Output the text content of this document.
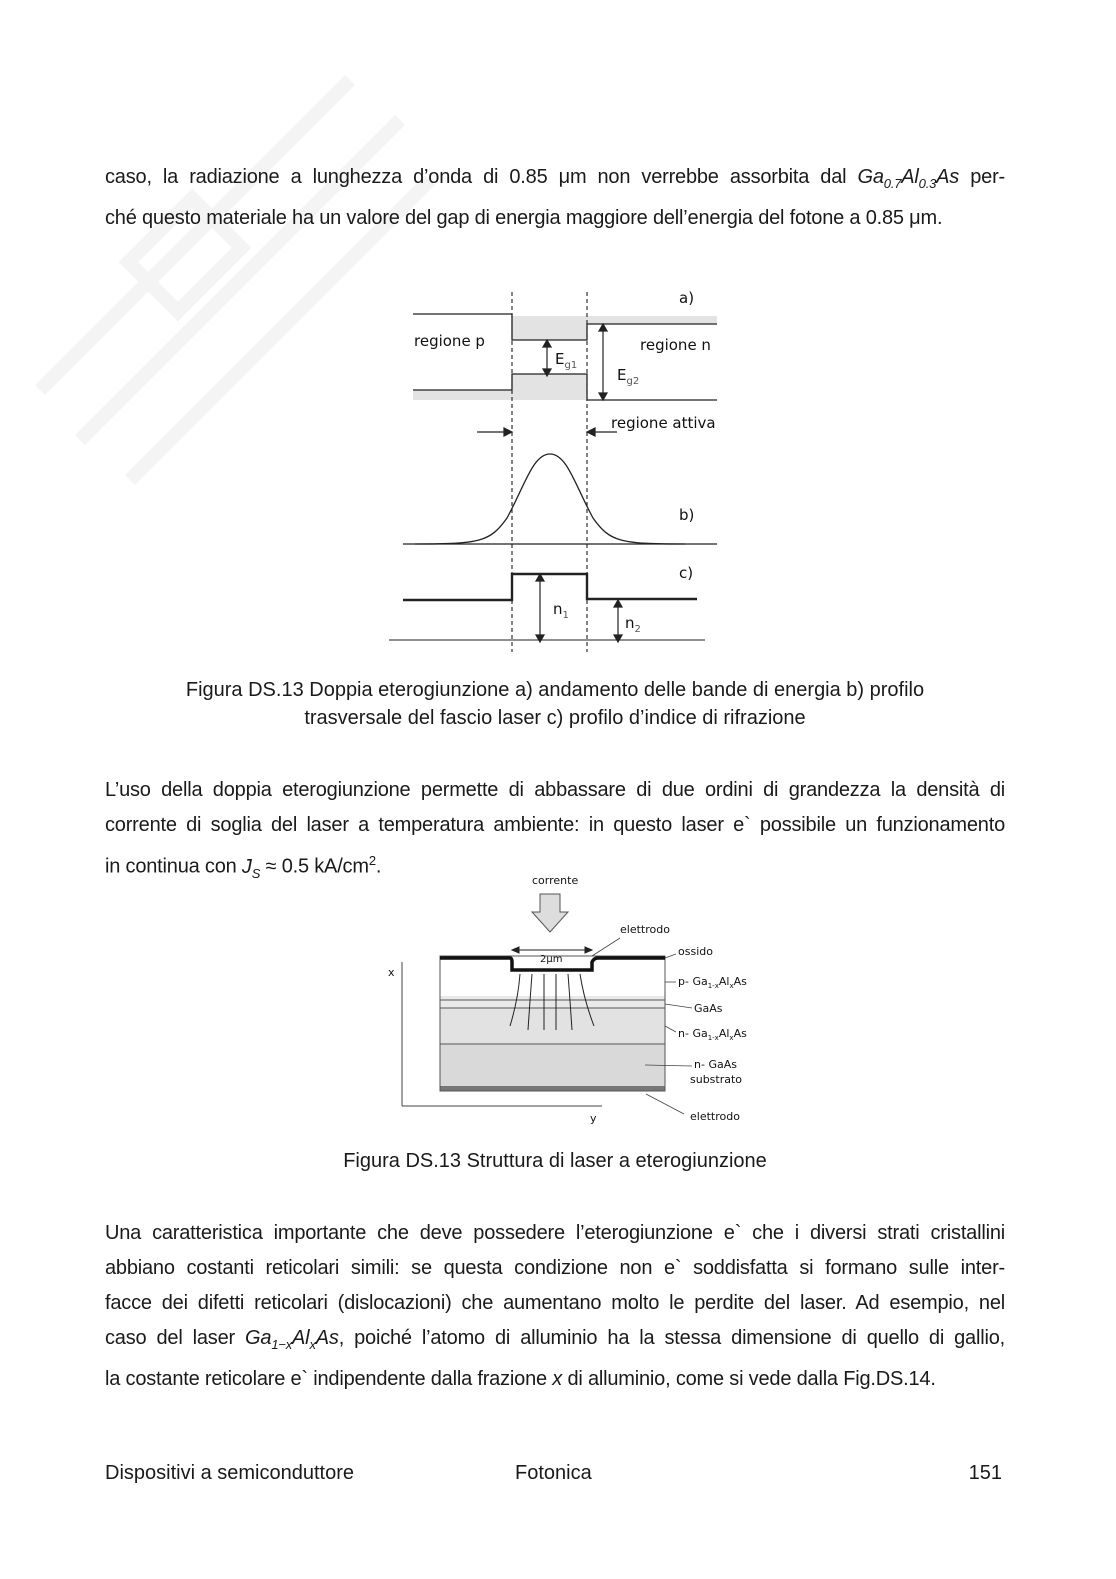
caso, la radiazione a lunghezza d’onda di 0.85 μm non verrebbe assorbita dal $Ga_{0.7}Al_{0.3}As$ per-
ché questo materiale ha un valore del gap di energia maggiore dell’energia del fotone a 0.85 μm.
a)
regione p	regione n
regione attiva
$E_{g1}$
$E_{g2}$
b)
c)
$n_1$	$n_2$
Figura DS.13 Doppia eterogiunzione a) andamento delle bande di energia b) profilo
trasversale del fascio laser c) profilo d’indice di rifrazione
L’uso della doppia eterogiunzione permette di abbassare di due ordini di grandezza la densità di
corrente di soglia del laser a temperatura ambiente: in questo laser e` possibile un funzionamento
in continua con $J_S \approx 0.5$ $kA/cm^2$.
corrente
elettrodo
ossido
2μm
p- $Ga_{1-x}Al_xAs$
GaAs
n- $Ga_{1-x}Al_xAs$
n- GaAs
substrato
elettrodo
x
y
Figura DS.13 Struttura di laser a eterogiunzione
Una caratteristica importante che deve possedere l’eterogiunzione e` che i diversi strati cristallini
abbiano costanti reticolari simili: se questa condizione non e` soddisfatta si formano sulle inter-
facce dei difetti reticolari (dislocazioni) che aumentano molto le perdite del laser. Ad esempio, nel
caso del laser $Ga_{1-x}Al_xAs$, poiché l’atomo di alluminio ha la stessa dimensione di quello di gallio,
la costante reticolare e` indipendente dalla frazione x di alluminio, come si vede dalla Fig.DS.14.
Dispositivi a semiconduttore	Fotonica	151
